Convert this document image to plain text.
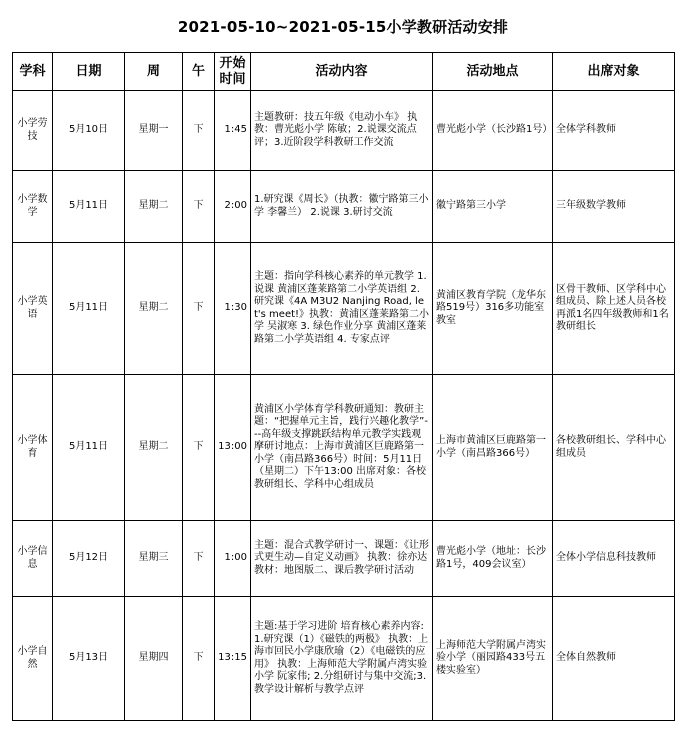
2021-05-10~2021-05-15小学教研活动安排
学科	日期	周	午	开始时间	活动内容	活动地点	出席对象
小学劳技	5月10日	星期一	下	1:45	主题教研：技五年级《电动小车》 执教：曹光彪小学 陈敏；2.说课交流点评；3.近阶段学科教研工作交流	曹光彪小学（长沙路1号）	全体学科教师
小学数学	5月11日	星期二	下	2:00	1.研究课《周长》（执教：徽宁路第三小学 李馨兰） 2.说课 3.研讨交流	徽宁路第三小学	三年级数学教师
小学英语	5月11日	星期二	下	1:30	主题：指向学科核心素养的单元教学 1. 说课 黄浦区蓬莱路第二小学英语组 2. 研究课《4A M3U2 Nanjing Road, let's meet!》执教：黄浦区蓬莱路第二小学 吴淑寒 3. 绿色作业分享 黄浦区蓬莱路第二小学英语组 4. 专家点评	黄浦区教育学院（龙华东路519号）316多功能室教室	区骨干教师、区学科中心组成员、除上述人员各校再派1名四年级教师和1名教研组长
小学体育	5月11日	星期二	下	13:00	黄浦区小学体育学科教研通知：教研主题：“把握单元主旨，践行兴趣化教学”---高年级支撑跳跃结构单元教学实践观摩研讨地点：上海市黄浦区巨鹿路第一小学（南昌路366号）时间：5月11日（星期二）下午13:00 出席对象：各校教研组长、学科中心组成员	上海市黄浦区巨鹿路第一小学（南昌路366号）	各校教研组长、学科中心组成员
小学信息	5月12日	星期三	下	1:00	主题：混合式教学研讨一、课题：《让形式更生动—自定义动画》 执教：徐亦达 教材：地图版二、课后教学研讨活动	曹光彪小学（地址：长沙路1号，409会议室）	全体小学信息科技教师
小学自然	5月13日	星期四	下	13:15	主题:基于学习进阶 培育核心素养内容:1.研究课（1）《磁铁的两极》 执教：上海市回民小学康欣瑜（2）《电磁铁的应用》 执教：上海师范大学附属卢湾实验小学 阮家伟; 2.分组研讨与集中交流;3.教学设计解析与教学点评	上海师范大学附属卢湾实验小学（丽园路433号五楼实验室）	全体自然教师
